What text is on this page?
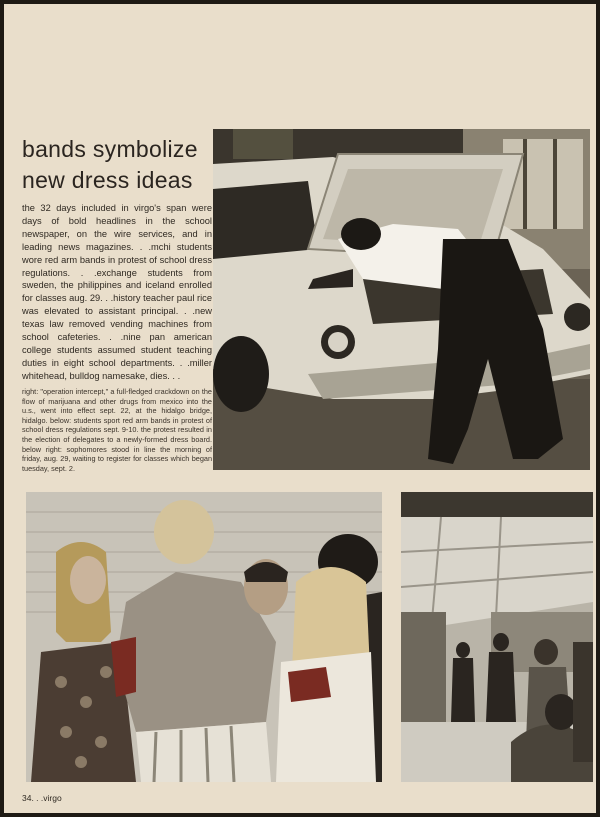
bands symbolize
new dress ideas

the 32 days included in virgo's span were days of bold headlines in the school newspaper, on the wire services, and in leading news magazines. . .mchi students wore red arm bands in protest of school dress regulations. . .exchange students from sweden, the philippines and iceland enrolled for classes aug. 29. . .history teacher paul rice was elevated to assistant principal. . .new texas law removed vending machines from school cafeteries. . .nine pan american college students assumed student teaching duties in eight school departments. . .miller whitehead, bulldog namesake, dies. . .

right: "operation intercept," a full-fledged crackdown on the flow of marijuana and other drugs from mexico into the u.s., went into effect sept. 22, at the hidalgo bridge, hidalgo. below: students sport red arm bands in protest of school dress regulations sept. 9-10. the protest resulted in the election of delegates to a newly-formed dress board. below right: sophomores stood in line the morning of friday, aug. 29, waiting to register for classes which began tuesday, sept. 2.

34. . .virgo
